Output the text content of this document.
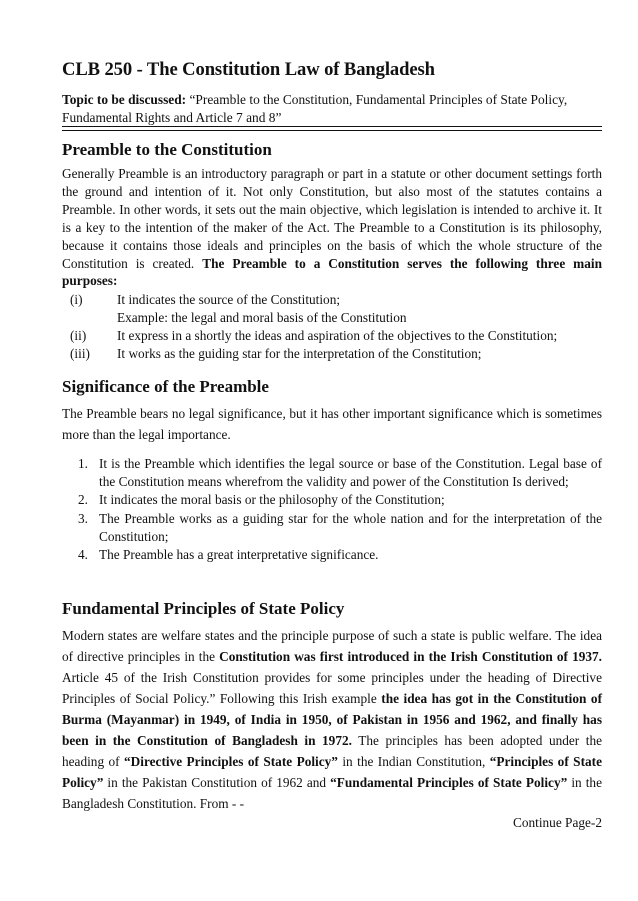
CLB 250 - The Constitution Law of Bangladesh
Topic to be discussed: “Preamble to the Constitution, Fundamental Principles of State Policy, Fundamental Rights and Article 7 and 8”
Preamble to the Constitution

Generally Preamble is an introductory paragraph or part in a statute or other document settings forth the ground and intention of it. Not only Constitution, but also most of the statutes contains a Preamble. In other words, it sets out the main objective, which legislation is intended to archive it. It is a key to the intention of the maker of the Act. The Preamble to a Constitution is its philosophy, because it contains those ideals and principles on the basis of which the whole structure of the Constitution is created. The Preamble to a Constitution serves the following three main purposes:

(i)	It indicates the source of the Constitution;
Example: the legal and moral basis of the Constitution
(ii) It express in a shortly the ideas and aspiration of the objectives to the Constitution;
(iii) It works as the guiding star for the interpretation of the Constitution;
Significance of the Preamble

The Preamble bears no legal significance, but it has other important significance which is sometimes more than the legal importance.

1. It is the Preamble which identifies the legal source or base of the Constitution. Legal base of the Constitution means wherefrom the validity and power of the Constitution Is derived;
2. It indicates the moral basis or the philosophy of the Constitution;
3. The Preamble works as a guiding star for the whole nation and for the interpretation of the Constitution;
4. The Preamble has a great interpretative significance.
Fundamental Principles of State Policy

Modern states are welfare states and the principle purpose of such a state is public welfare. The idea of directive principles in the Constitution was first introduced in the Irish Constitution of 1937. Article 45 of the Irish Constitution provides for some principles under the heading of Directive Principles of Social Policy.” Following this Irish example the idea has got in the Constitution of Burma (Mayanmar) in 1949, of India in 1950, of Pakistan in 1956 and 1962, and finally has been in the Constitution of Bangladesh in 1972. The principles has been adopted under the heading of “Directive Principles of State Policy” in the Indian Constitution, “Principles of State Policy” in the Pakistan Constitution of 1962 and “Fundamental Principles of State Policy” in the Bangladesh Constitution. From - -

Continue Page-2
